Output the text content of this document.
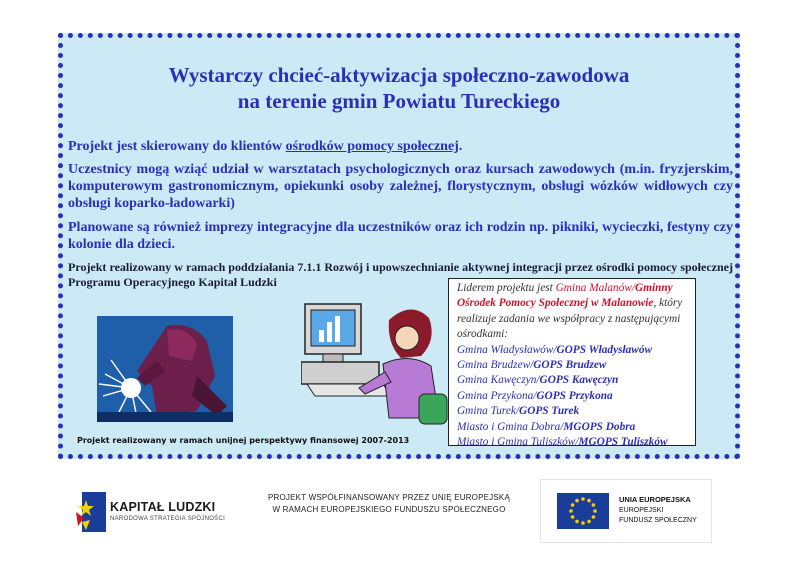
Wystarczy chcieć-aktywizacja społeczno-zawodowa
na terenie gmin Powiatu Tureckiego
Projekt jest skierowany do klientów ośrodków pomocy społecznej.
Uczestnicy mogą wziąć udział w warsztatach psychologicznych oraz kursach zawodowych (m.in. fryzjerskim, komputerowym gastronomicznym, opiekunki osoby zależnej, florystycznym, obsługi wózków widłowych czy obsługi koparko-ładowarki)
Planowane są również imprezy integracyjne dla uczestników oraz ich rodzin np. pikniki, wycieczki, festyny czy kolonie dla dzieci.
Projekt realizowany w ramach poddziałania 7.1.1 Rozwój i upowszechnianie aktywnej integracji przez ośrodki pomocy społecznej Programu Operacyjnego Kapitał Ludzki
Projekt realizowany w ramach unijnej perspektywy finansowej 2007-2013
Liderem projektu jest Gmina Malanów/Gminny Ośrodek Pomocy Społecznej w Malanowie, który realizuje zadania we współpracy z następującymi ośrodkami:
Gmina Władysławów/GOPS Władysławów
Gmina Brudzew/GOPS Brudzew
Gmina Kawęczyn/GOPS Kawęczyn
Gmina Przykona/GOPS Przykona
Gmina Turek/GOPS Turek
Miasto i Gmina Dobra/MGOPS Dobra
Miasto i Gmina Tuliszków/MGOPS Tuliszków
KAPITAŁ LUDZKI
NARODOWA STRATEGIA SPÓJNOŚCI
PROJEKT WSPÓŁFINANSOWANY PRZEZ UNIĘ EUROPEJSKĄ
W RAMACH EUROPEJSKIEGO FUNDUSZU SPOŁECZNEGO
UNIA EUROPEJSKA
EUROPEJSKI
FUNDUSZ SPOŁECZNY
